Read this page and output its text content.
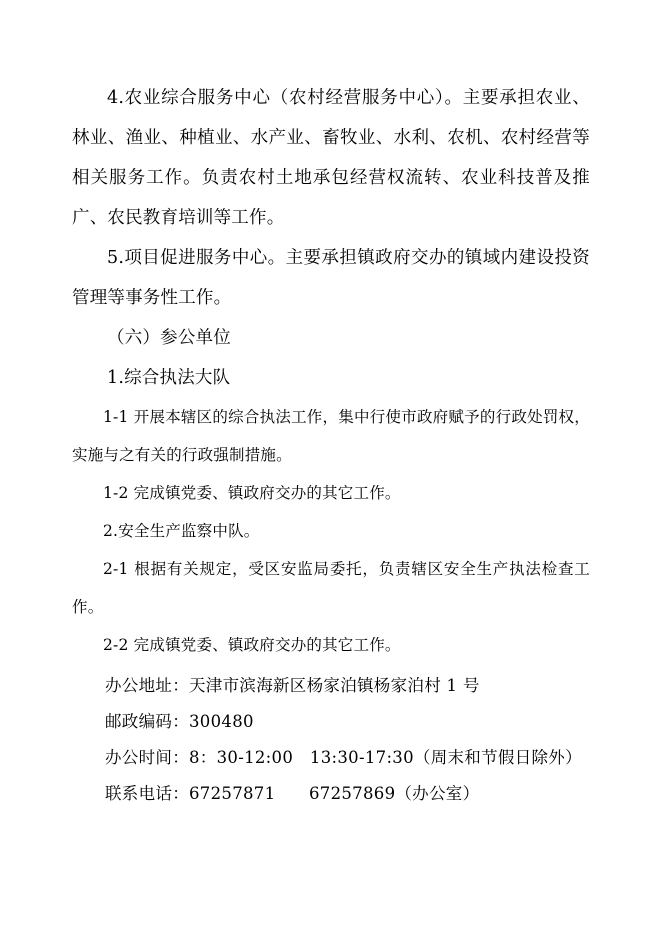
4.农业综合服务中心（农村经营服务中心）。主要承担农业、林业、渔业、种植业、水产业、畜牧业、水利、农机、农村经营等相关服务工作。负责农村土地承包经营权流转、农业科技普及推广、农民教育培训等工作。

5.项目促进服务中心。主要承担镇政府交办的镇域内建设投资管理等事务性工作。

（六）参公单位

1.综合执法大队

1-1 开展本辖区的综合执法工作，集中行使市政府赋予的行政处罚权，实施与之有关的行政强制措施。

1-2 完成镇党委、镇政府交办的其它工作。

2.安全生产监察中队。

2-1 根据有关规定，受区安监局委托，负责辖区安全生产执法检查工作。

2-2 完成镇党委、镇政府交办的其它工作。

办公地址：天津市滨海新区杨家泊镇杨家泊村 1 号

邮政编码：300480

办公时间：8：30-12:00　13:30-17:30（周末和节假日除外）

联系电话：67257871　　67257869（办公室）
